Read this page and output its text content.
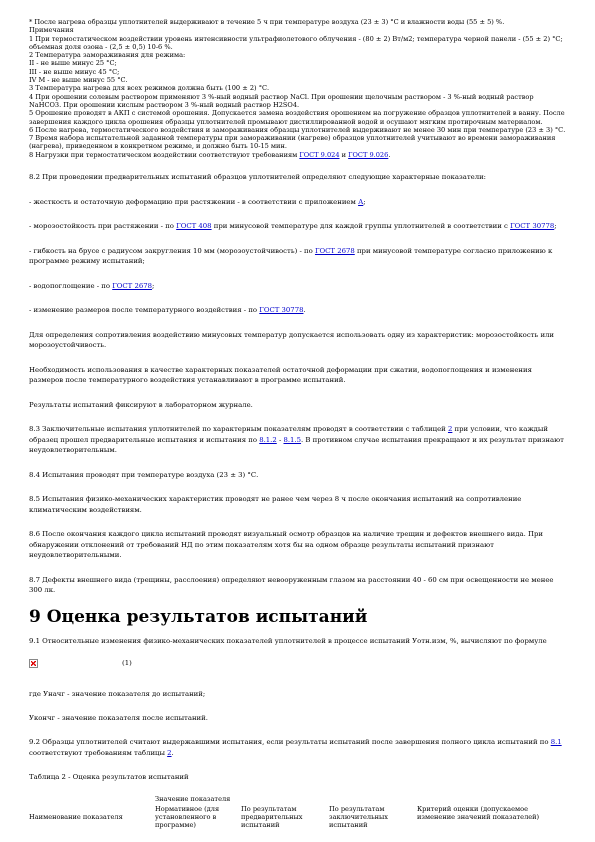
* После нагрева образцы уплотнителей выдерживают в течение 5 ч при температуре воздуха (23 ± 3) °С и влажности воды (55 ± 5) %.
Примечания
1 При термостатическом воздействии уровень интенсивности ультрафиолетового облучения - (80 ± 2) Вт/м2; температура черной панели - (55 ± 2) °С; объемная доля озона - (2,5 ± 0,5) 10-6 %.
2 Температура замораживания для режима:
II - не выше минус 25 °С;
III - не выше минус 45 °С;
IV М - не выше минус 55 °С.
3 Температура нагрева для всех режимов должна быть (100 ± 2) °С.
4 При орошении солевым раствором применяют 3 %-ный водный раствор NaCl. При орошении щелочным раствором - 3 %-ный водный раствор NaHCO3. При орошении кислым раствором 3 %-ный водный раствор H2SO4.
5 Орошение проводят в АКП с системой орошения. Допускается замена воздействия орошением на погружение образцов уплотнителей в ванну. После завершения каждого цикла орошения образцы уплотнителей промывают дистиллированной водой и осушают мягким протирочным материалом.
6 После нагрева, термостатического воздействия и замораживания образцы уплотнителей выдерживают не менее 30 мин при температуре (23 ± 3) °С.
7 Время набора испытательной заданной температуры при замораживании (нагреве) образцов уплотнителей учитывают во времени замораживания (нагрева), приведенном в конкретном режиме, и должно быть 10-15 мин.
8 Нагрузки при термостатическом воздействии соответствуют требованиям ГОСТ 9.024 и ГОСТ 9.026.

8.2 При проведении предварительных испытаний образцов уплотнителей определяют следующие характерные показатели:

- жесткость и остаточную деформацию при растяжении - в соответствии с приложением А;

- морозостойкость при растяжении - по ГОСТ 408 при минусовой температуре для каждой группы уплотнителей в соответствии с ГОСТ 30778;

- гибкость на брусе с радиусом закругления 10 мм (морозоустойчивость) - по ГОСТ 2678 при минусовой температуре согласно приложению к программе режиму испытаний;

- водопоглощение - по ГОСТ 2678;

- изменение размеров после температурного воздействия - по ГОСТ 30778.

Для определения сопротивления воздействию минусовых температур допускается использовать одну из характеристик: морозостойкость или морозоустойчивость.

Необходимость использования в качестве характерных показателей остаточной деформации при сжатии, водопоглощения и изменения размеров после температурного воздействия устанавливают в программе испытаний.

Результаты испытаний фиксируют в лабораторном журнале.

8.3 Заключительные испытания уплотнителей по характерным показателям проводят в соответствии с таблицей 2 при условии, что каждый образец прошел предварительные испытания и испытания по 8.1.2 - 8.1.5. В противном случае испытания прекращают и их результат признают неудовлетворительным.

8.4 Испытания проводят при температуре воздуха (23 ± 3) °С.

8.5 Испытания физико-механических характеристик проводят не ранее чем через 8 ч после окончания испытаний на сопротивление климатическим воздействиям.

8.6 После окончания каждого цикла испытаний проводят визуальный осмотр образцов на наличие трещин и дефектов внешнего вида. При обнаружении отклонений от требований НД по этим показателям хотя бы на одном образце результаты испытаний признают неудовлетворительными.

8.7 Дефекты внешнего вида (трещины, расслоения) определяют невооруженным глазом на расстоянии 40 - 60 см при освещенности не менее 300 лк.

9 Оценка результатов испытаний

9.1 Относительные изменения физико-механических показателей уплотнителей в процессе испытаний Уотн.изм, %, вычисляют по формуле

(1)

где Уначг - значение показателя до испытаний;

Укончг - значение показателя после испытаний.

9.2 Образцы уплотнителей считают выдержавшими испытания, если результаты испытаний после завершения полного цикла испытаний по 8.1 соответствуют требованиям таблицы 2.

Таблица 2 - Оценка результатов испытаний

	Значение показателя			
Наименование показателя	Нормативное (для установленного в программе)	По результатам предварительных испытаний	По результатам заключительных испытаний	Критерий оценки (допускаемое изменение значений показателей)
